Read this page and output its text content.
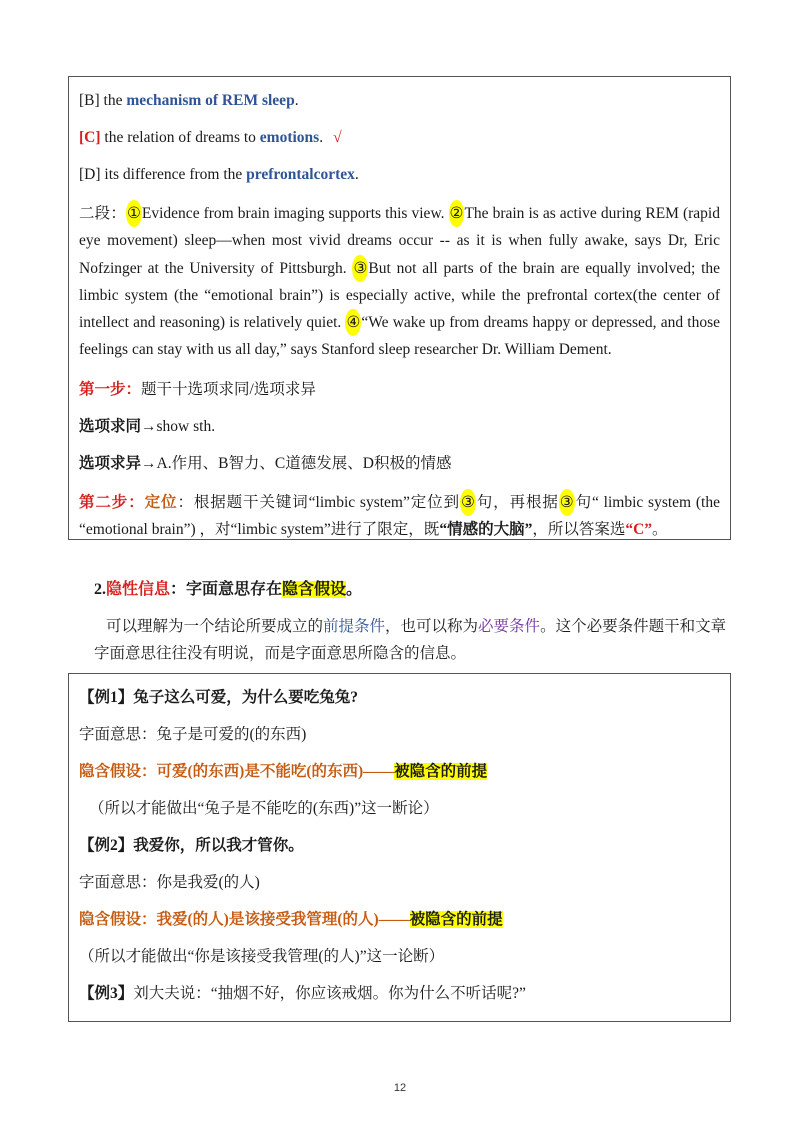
[B] the mechanism of REM sleep.
[C] the relation of dreams to emotions. √
[D] its difference from the prefrontalcortex.
二段：①Evidence from brain imaging supports this view. ②The brain is as active during REM (rapid eye movement) sleep—when most vivid dreams occur -- as it is when fully awake, says Dr, Eric Nofzinger at the University of Pittsburgh. ③But not all parts of the brain are equally involved; the limbic system (the “emotional brain”) is especially active, while the prefrontal cortex(the center of intellect and reasoning) is relatively quiet. ④“We wake up from dreams happy or depressed, and those feelings can stay with us all day,” says Stanford sleep researcher Dr. William Dement.
第一步：题干十选项求同/选项求异
选项求同→show sth.
选项求异→A.作用、B智力、C道德发展、D积极的情感
第二步：定位：根据题干关键词“limbic system”定位到③句，再根据③句“ limbic system (the “emotional brain”) ，对“limbic system”进行了限定，既“情感的大脑”，所以答案选“C”。
2.隐性信息：字面意思存在隐含假设。
可以理解为一个结论所要成立的前提条件，也可以称为必要条件。这个必要条件题干和文章字面意思往往没有明说，而是字面意思所隐含的信息。
【例1】兔子这么可爱，为什么要吃兔兔?
字面意思：兔子是可爱的(的东西)
隐含假设：可爱(的东西)是不能吃(的东西)——被隐含的前提
（所以才能做出“兔子是不能吃的(东西)”这一断论）
【例2】我爱你，所以我才管你。
字面意思：你是我爱(的人)
隐含假设：我爱(的人)是该接受我管理(的人)——被隐含的前提
（所以才能做出“你是该接受我管理(的人)”这一论断）
【例3】刘大夫说：“抽烟不好，你应该戒烟。你为什么不听话呢?”
12
